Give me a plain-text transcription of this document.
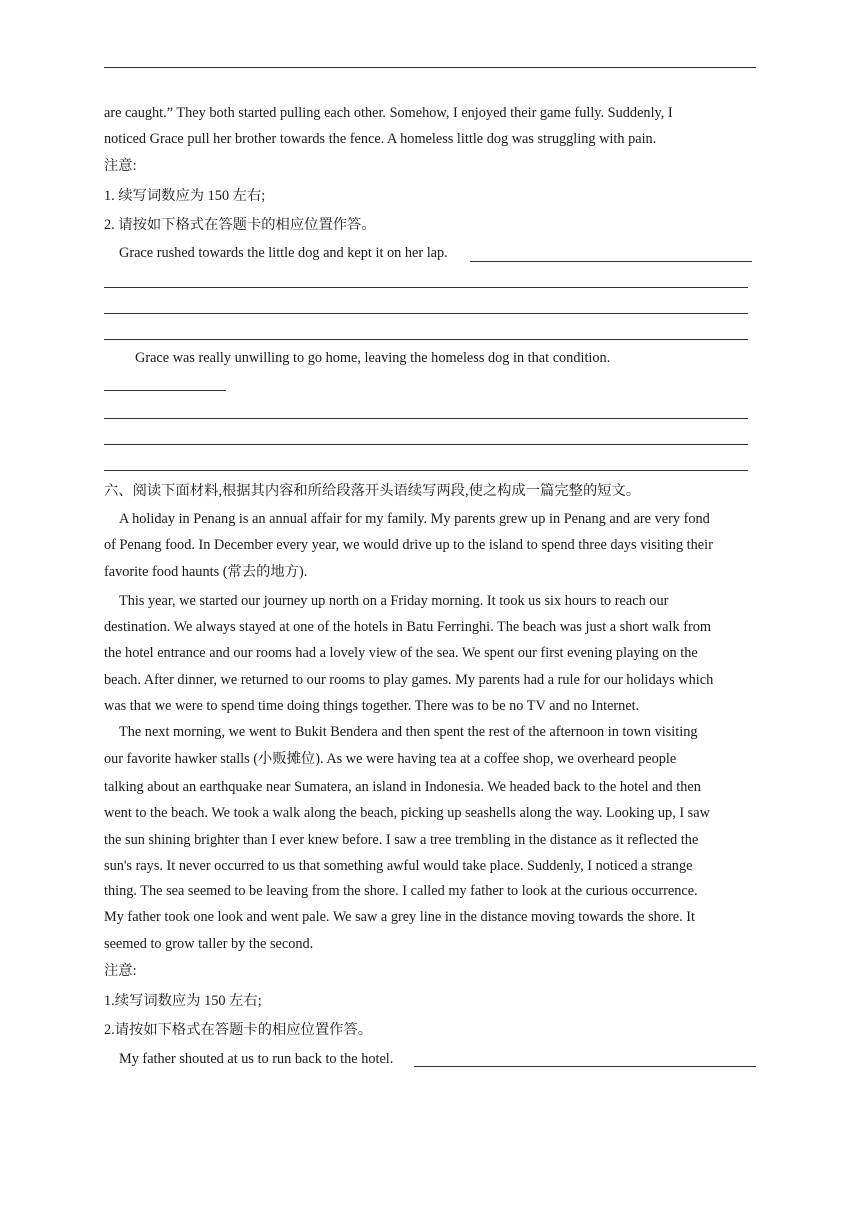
are caught.” They both started pulling each other. Somehow, I enjoyed their game fully. Suddenly, I
noticed Grace pull her brother towards the fence. A homeless little dog was struggling with pain.
注意:
1. 续写词数应为 150 左右;
2. 请按如下格式在答题卡的相应位置作答。
Grace rushed towards the little dog and kept it on her lap.
Grace was really unwilling to go home, leaving the homeless dog in that condition.
六、阅读下面材料,根据其内容和所给段落开头语续写两段,使之构成一篇完整的短文。
A holiday in Penang is an annual affair for my family. My parents grew up in Penang and are very fond
of Penang food. In December every year, we would drive up to the island to spend three days visiting their
favorite food haunts (常去的地方).
This year, we started our journey up north on a Friday morning. It took us six hours to reach our
destination. We always stayed at one of the hotels in Batu Ferringhi. The beach was just a short walk from
the hotel entrance and our rooms had a lovely view of the sea. We spent our first evening playing on the
beach. After dinner, we returned to our rooms to play games. My parents had a rule for our holidays which
was that we were to spend time doing things together. There was to be no TV and no Internet.
The next morning, we went to Bukit Bendera and then spent the rest of the afternoon in town visiting
our favorite hawker stalls (小贩摊位). As we were having tea at a coffee shop, we overheard people
talking about an earthquake near Sumatera, an island in Indonesia. We headed back to the hotel and then
went to the beach. We took a walk along the beach, picking up seashells along the way. Looking up, I saw
the sun shining brighter than I ever knew before. I saw a tree trembling in the distance as it reflected the
sun's rays. It never occurred to us that something awful would take place. Suddenly, I noticed a strange
thing. The sea seemed to be leaving from the shore. I called my father to look at the curious occurrence.
My father took one look and went pale. We saw a grey line in the distance moving towards the shore. It
seemed to grow taller by the second.
注意:
1.续写词数应为 150 左右;
2.请按如下格式在答题卡的相应位置作答。
My father shouted at us to run back to the hotel.
